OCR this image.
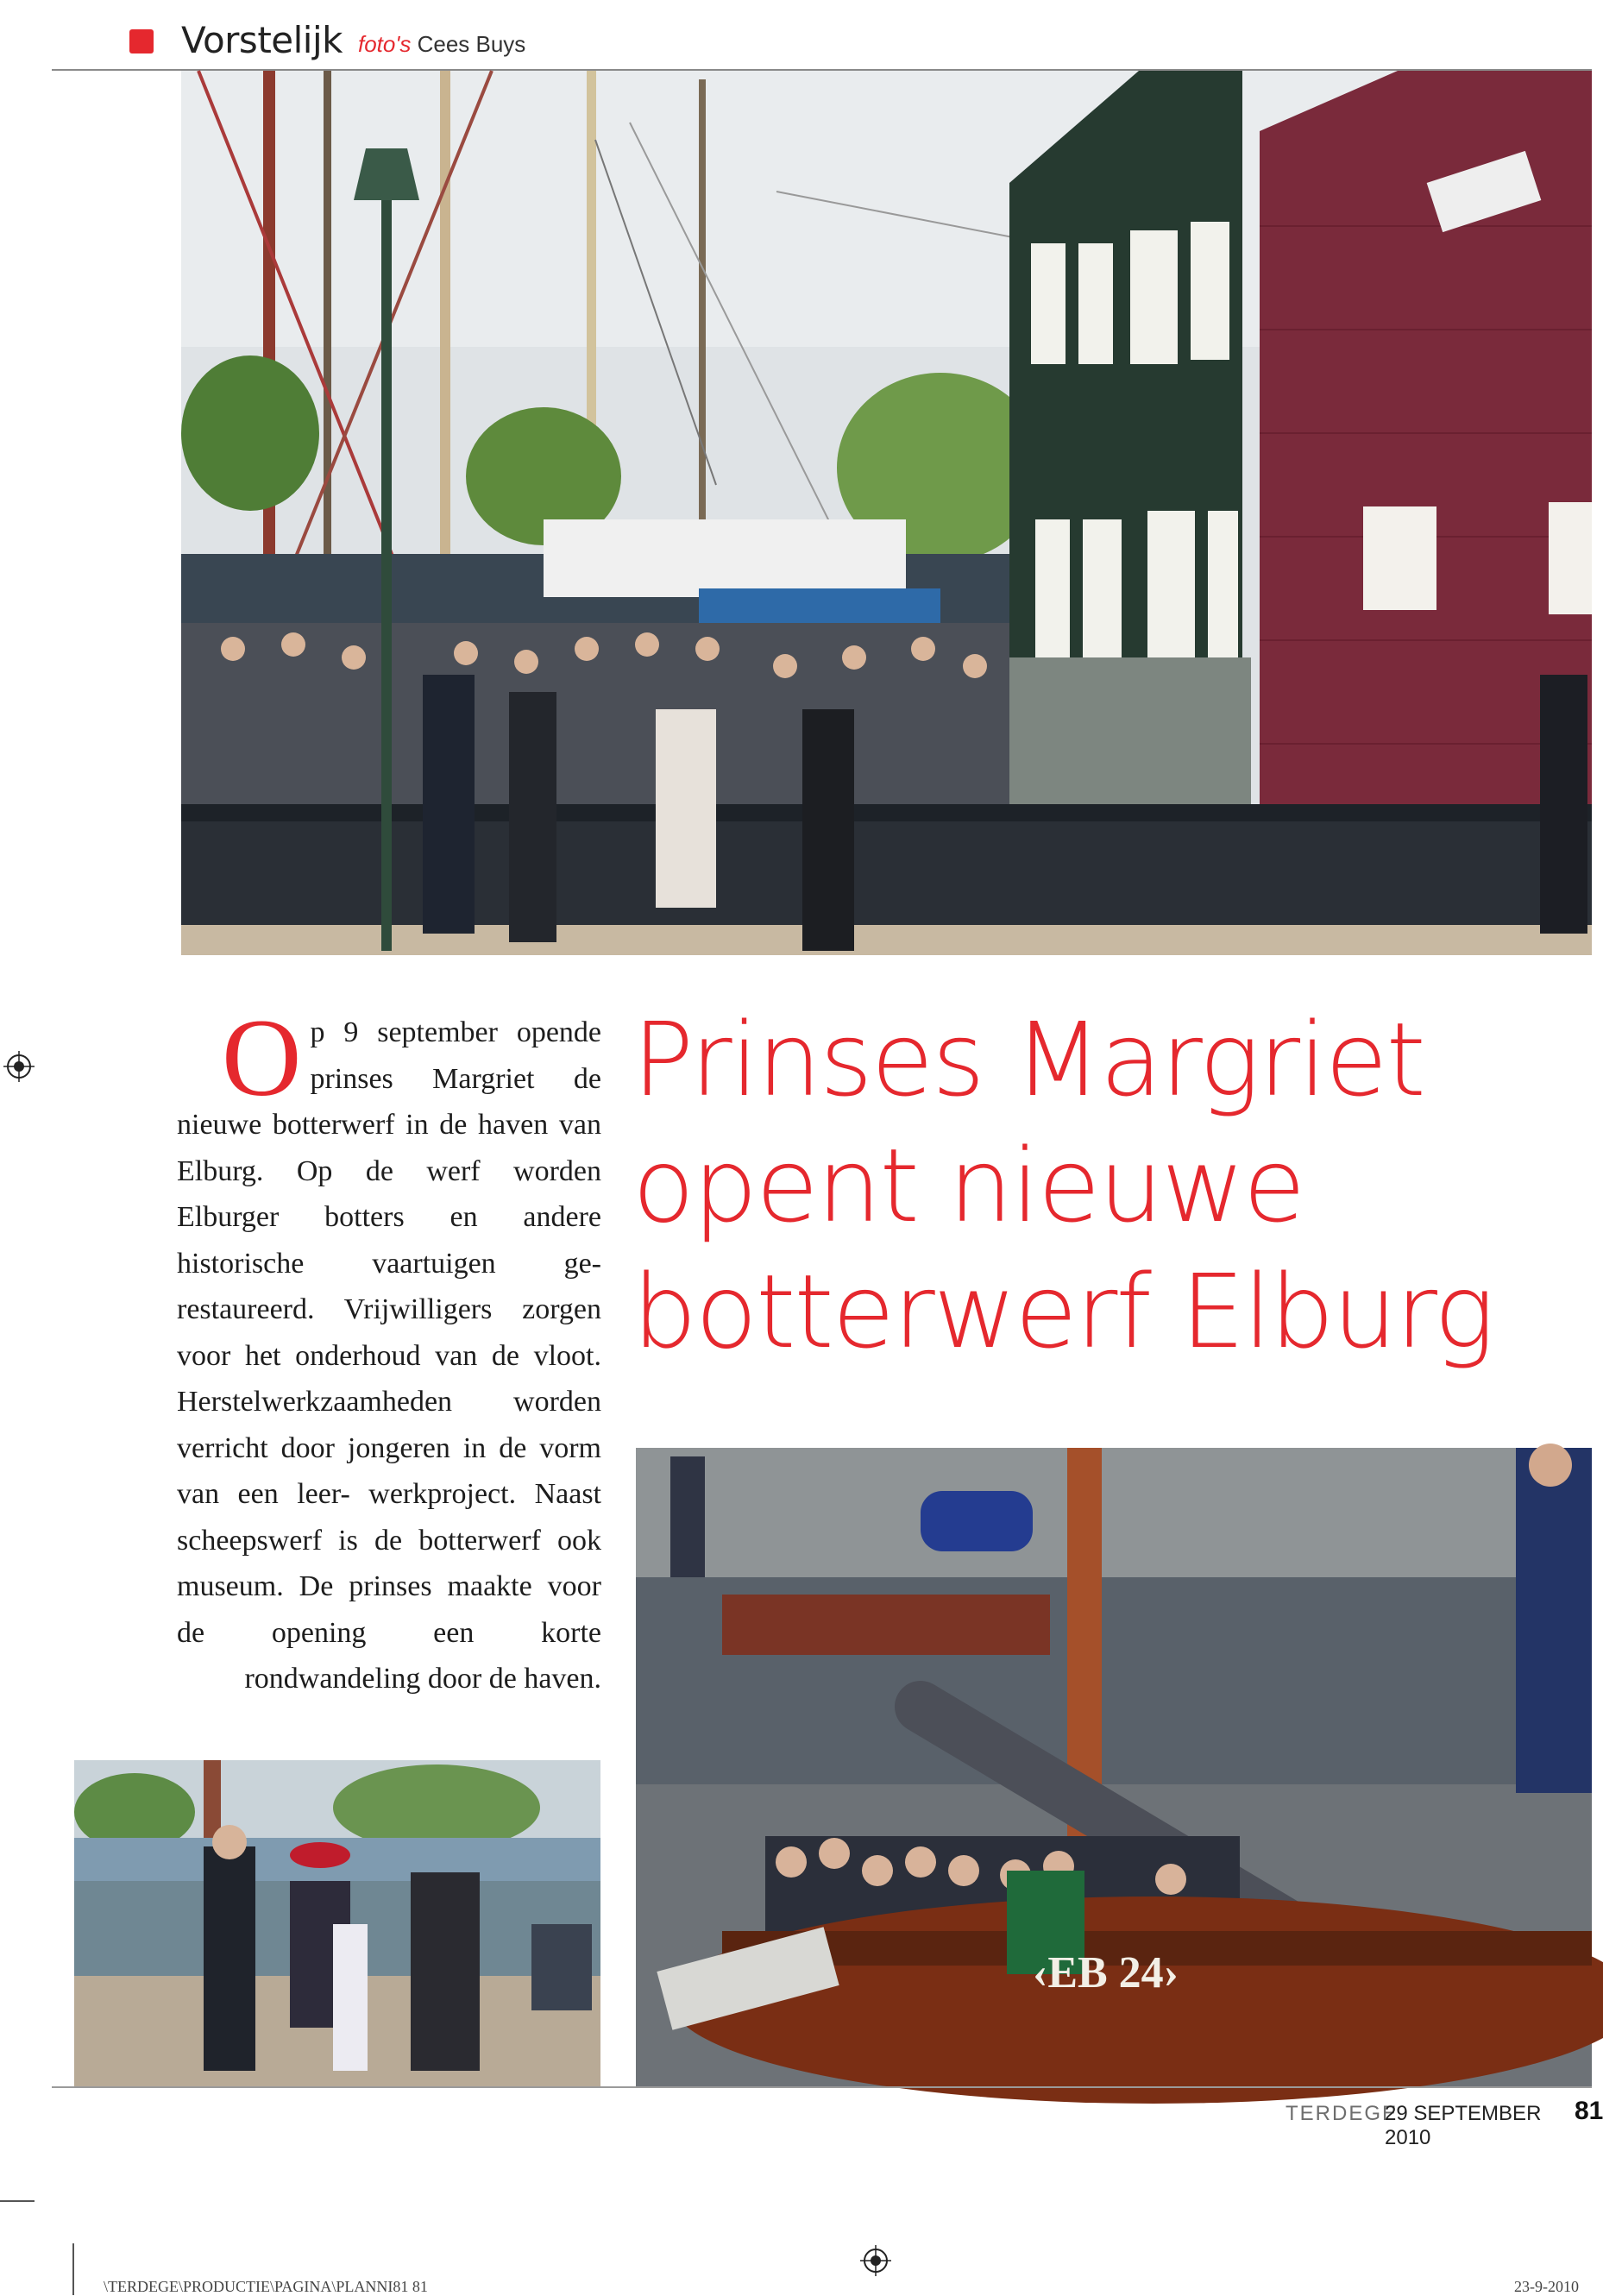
Vorstelijk foto's Cees Buys
Op 9 september opende prinses Margriet de nieuwe botterwerf in de haven van Elburg. Op de werf worden Elburger botters en andere historische vaartuigen gerestaureerd. Vrijwilligers zorgen voor het onderhoud van de vloot. Herstelwerkzaamheden worden verricht door jongeren in de vorm van een leer- werkproject. Naast scheepswerf is de botterwerf ook museum. De prinses maakte voor de opening een korte rondwandeling door de haven.
Prinses Margriet
opent nieuwe
botterwerf Elburg
‹EB 24›
TERDEGE
29 SEPTEMBER 2010
81
\TERDEGE\PRODUCTIE\PAGINA\PLANNI81 81	23-9-2010
